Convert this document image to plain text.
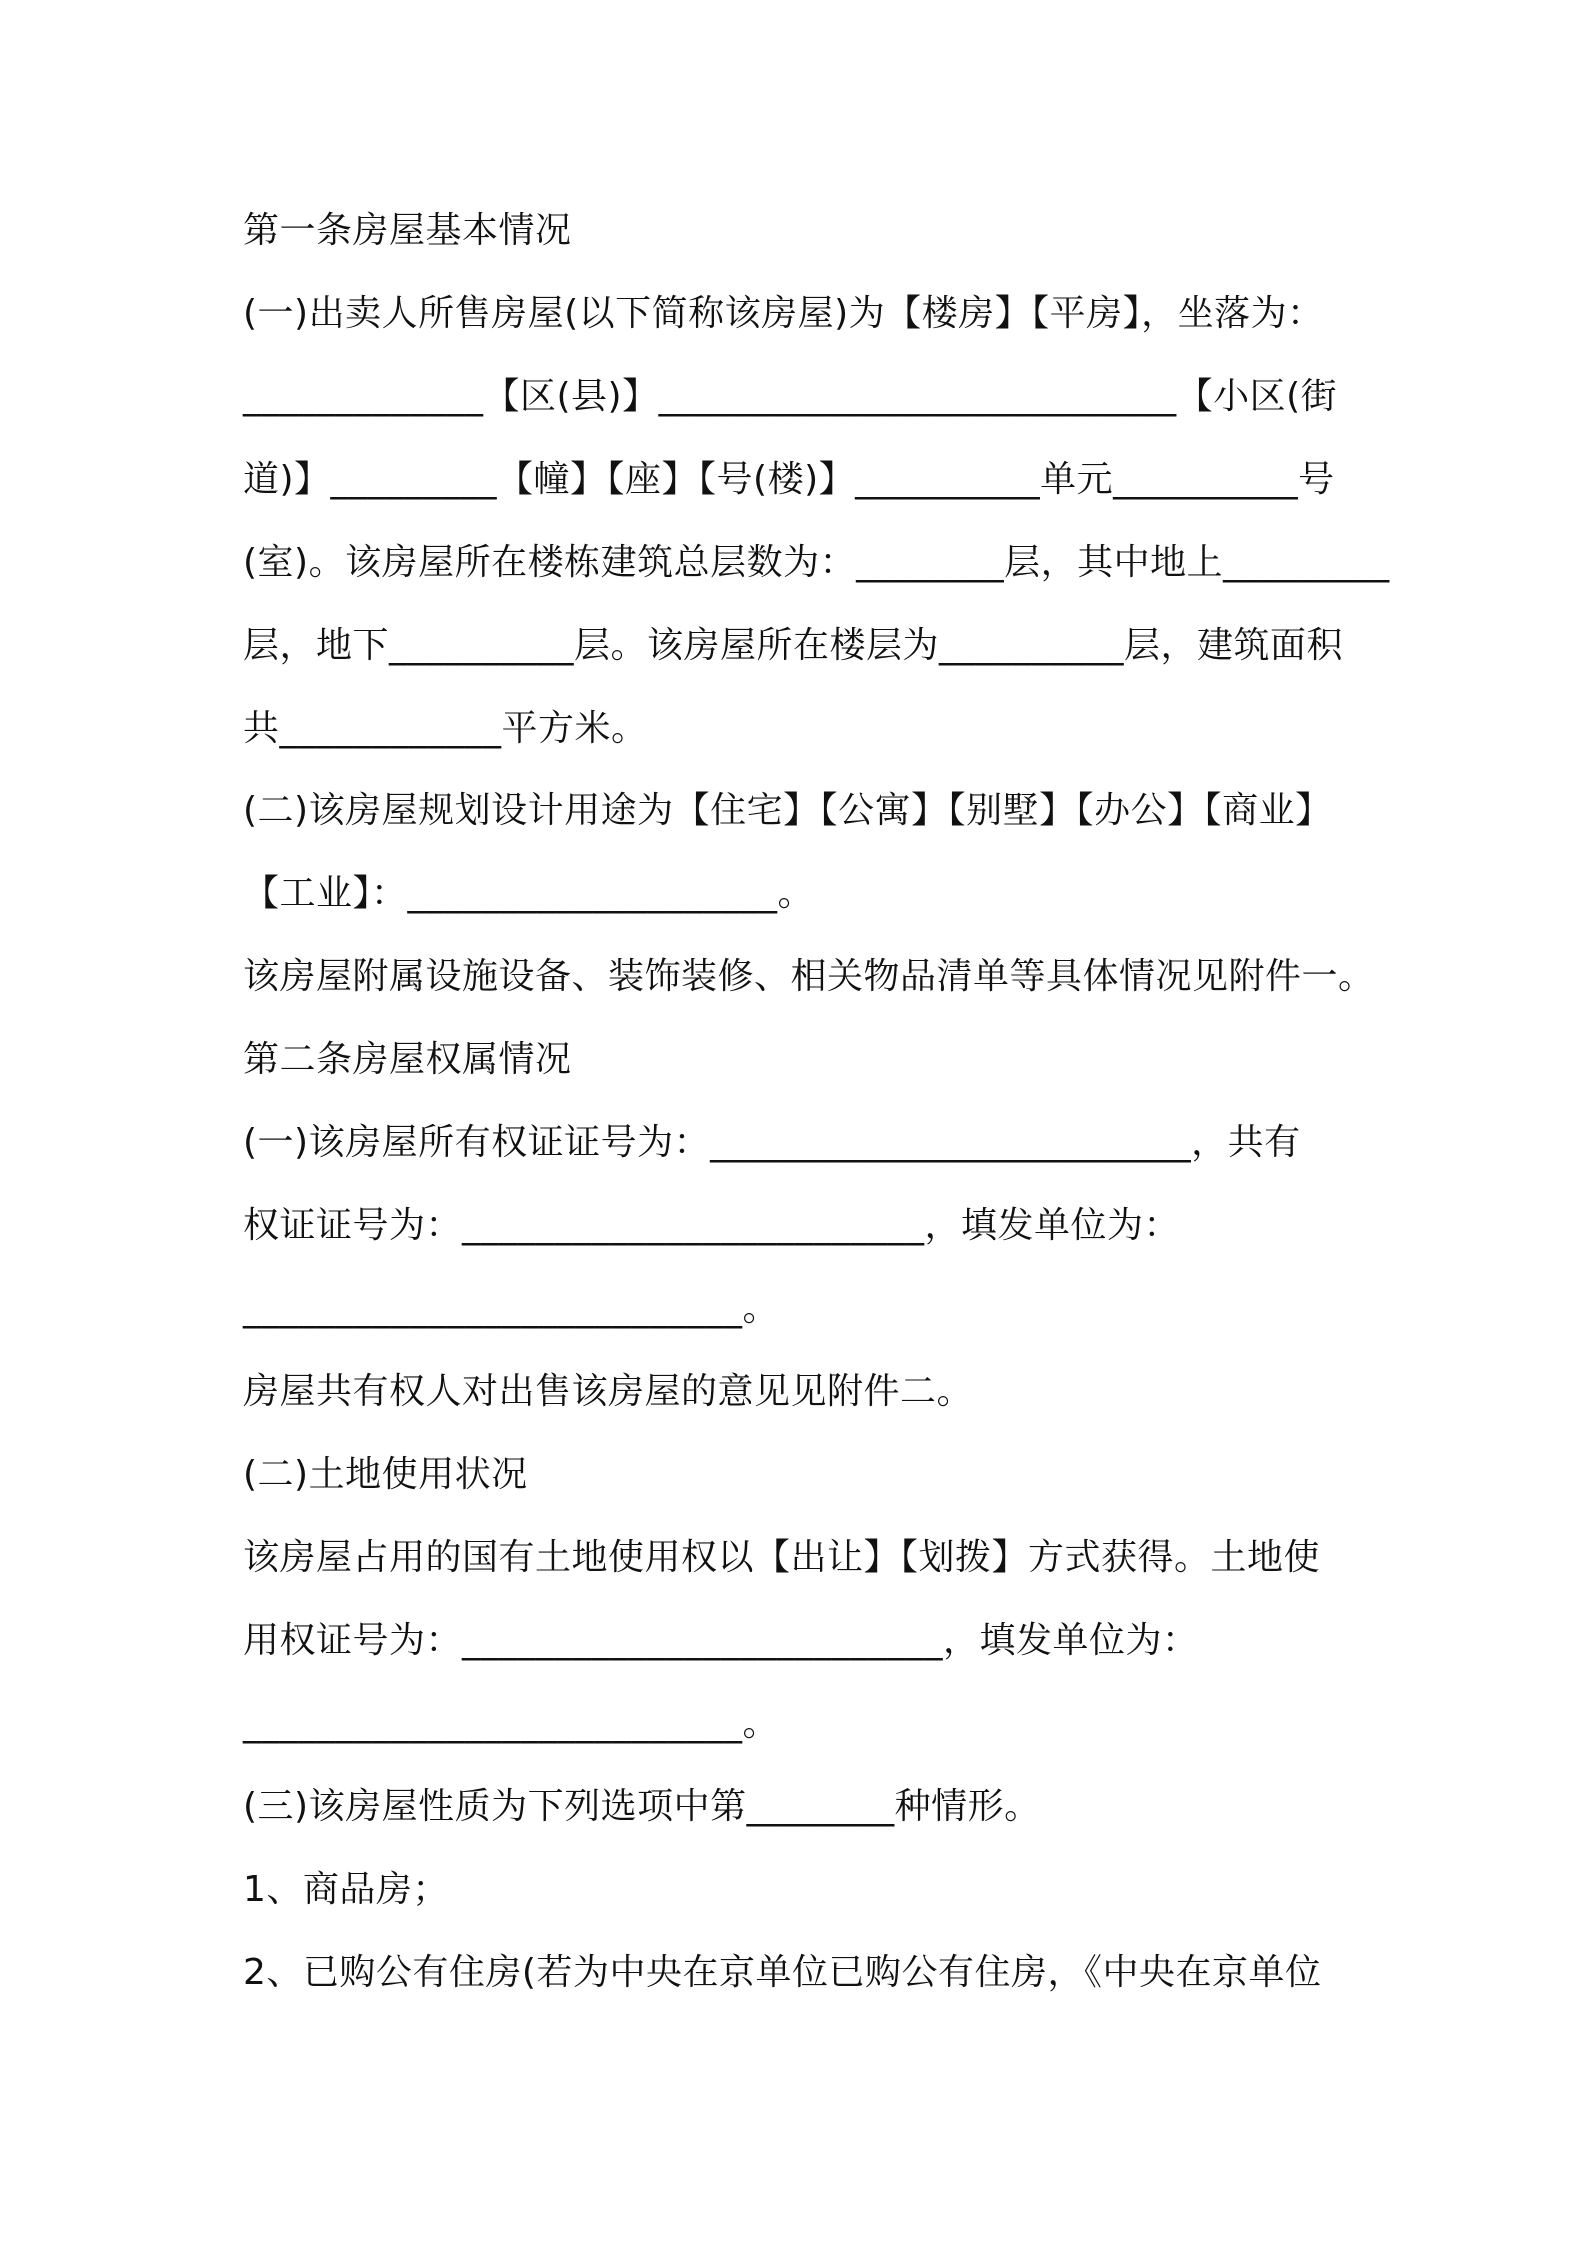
第一条房屋基本情况
(一)出卖人所售房屋(以下简称该房屋)为【楼房】【平房】，坐落为：
_____________【区(县)】____________________________【小区(街
道)】_________【幢】【座】【号(楼)】__________单元__________号
(室)。该房屋所在楼栋建筑总层数为：________层，其中地上_________
层，地下__________层。该房屋所在楼层为__________层，建筑面积
共____________平方米。
(二)该房屋规划设计用途为【住宅】【公寓】【别墅】【办公】【商业】
【工业】：____________________。
该房屋附属设施设备、装饰装修、相关物品清单等具体情况见附件一。
第二条房屋权属情况
(一)该房屋所有权证证号为：__________________________，共有
权证证号为：_________________________，填发单位为：
___________________________。
房屋共有权人对出售该房屋的意见见附件二。
(二)土地使用状况
该房屋占用的国有土地使用权以【出让】【划拨】方式获得。土地使
用权证号为：__________________________，填发单位为：
___________________________。
(三)该房屋性质为下列选项中第________种情形。
1、商品房；
2、已购公有住房(若为中央在京单位已购公有住房，《中央在京单位
